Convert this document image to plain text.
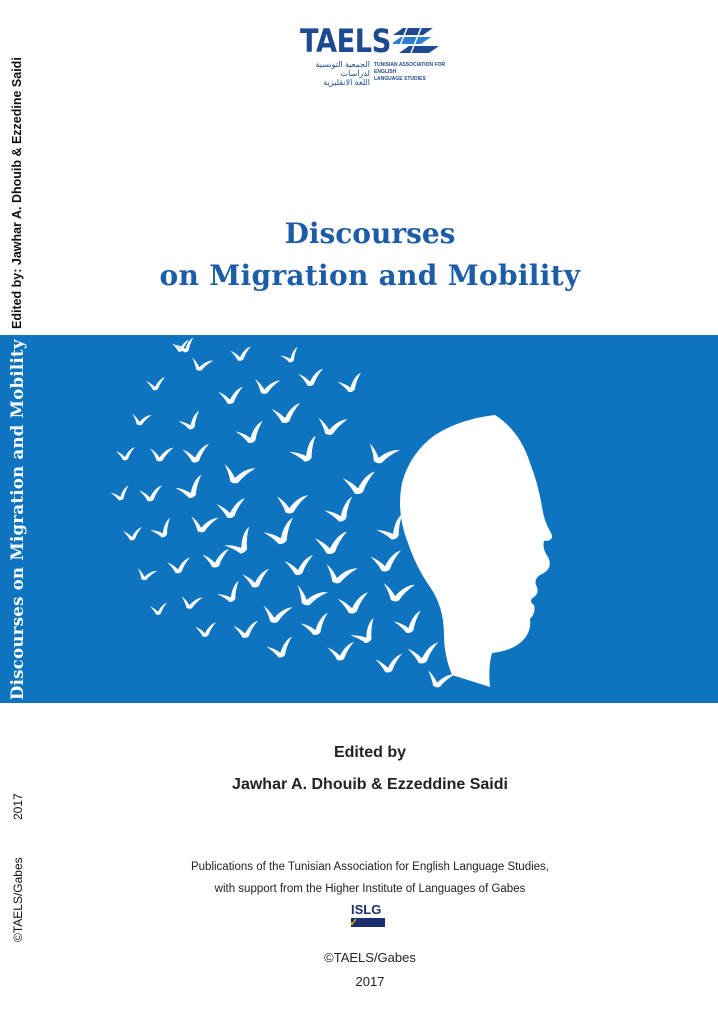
Edited by: Jawhar A. Dhouib & Ezzedine Saidi
Discourses on Migration and Mobility
2017
©TAELS/Gabes
TAELS
الجمعية التونسية لدراسات
اللغة الانقليزية
TUNISIAN ASSOCIATION FOR ENGLISH
LANGUAGE STUDIES
Discourses
on Migration and Mobility
Edited by
Jawhar A. Dhouib & Ezzeddine Saidi
Publications of the Tunisian Association for English Language Studies,
with support from the Higher Institute of Languages of Gabes
ISLG
✓
©TAELS/Gabes
2017
